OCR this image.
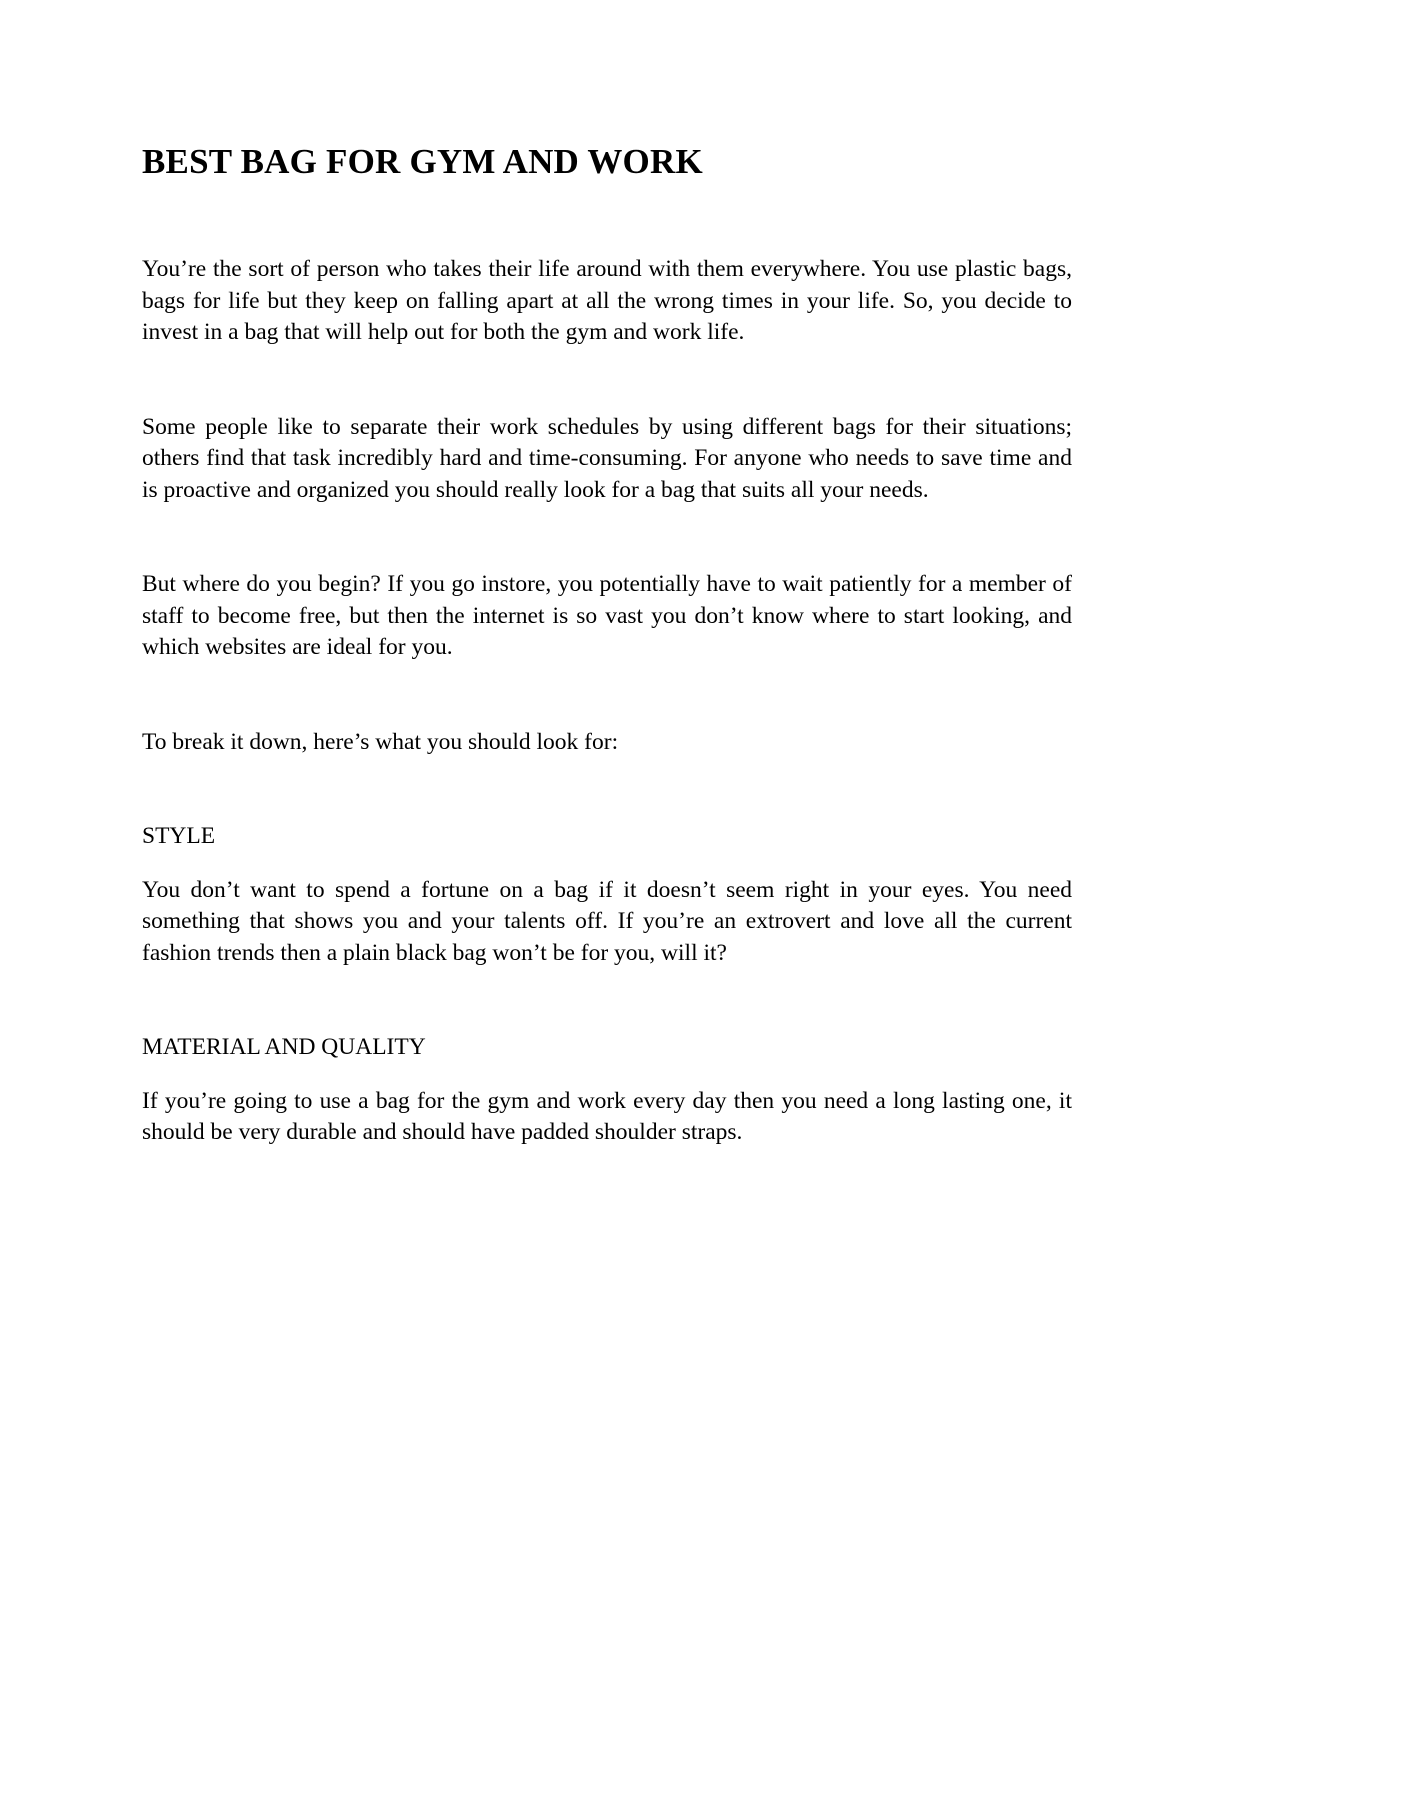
BEST BAG FOR GYM AND WORK

You’re the sort of person who takes their life around with them everywhere. You use plastic bags, bags for life but they keep on falling apart at all the wrong times in your life. So, you decide to invest in a bag that will help out for both the gym and work life.

Some people like to separate their work schedules by using different bags for their situations; others find that task incredibly hard and time-consuming. For anyone who needs to save time and is proactive and organized you should really look for a bag that suits all your needs.

But where do you begin? If you go instore, you potentially have to wait patiently for a member of staff to become free, but then the internet is so vast you don’t know where to start looking, and which websites are ideal for you.

To break it down, here’s what you should look for:

STYLE

You don’t want to spend a fortune on a bag if it doesn’t seem right in your eyes. You need something that shows you and your talents off. If you’re an extrovert and love all the current fashion trends then a plain black bag won’t be for you, will it?

MATERIAL AND QUALITY

If you’re going to use a bag for the gym and work every day then you need a long lasting one, it should be very durable and should have padded shoulder straps.
